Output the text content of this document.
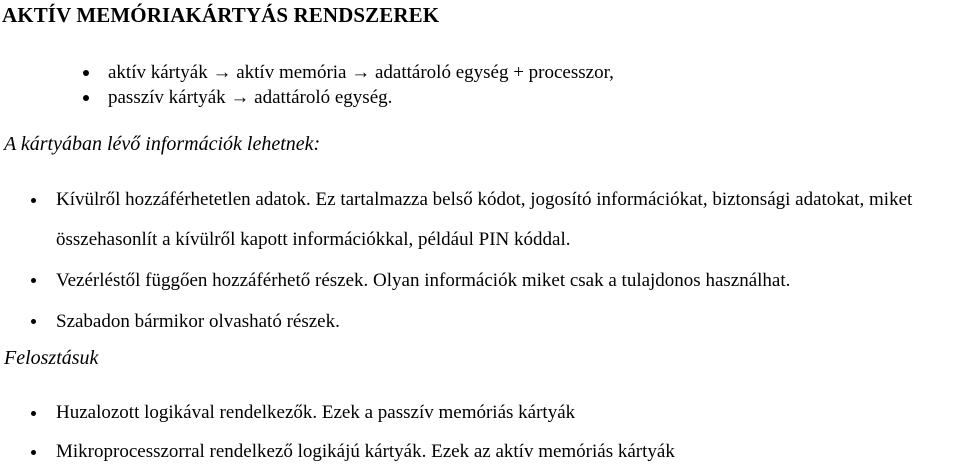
AKTÍV MEMÓRIAKÁRTYÁS RENDSZEREK
aktív kártyák → aktív memória → adattároló egység + processzor,
passzív kártyák → adattároló egység.
A kártyában lévő információk lehetnek:
Kívülről hozzáférhetetlen adatok. Ez tartalmazza belső kódot, jogosító információkat, biztonsági adatokat, miket összehasonlít a kívülről kapott információkkal, például PIN kóddal.
Vezérléstől függően hozzáférhető részek. Olyan információk miket csak a tulajdonos használhat.
Szabadon bármikor olvasható részek.
Felosztásuk
Huzalozott logikával rendelkezők. Ezek a passzív memóriás kártyák
Mikroprocesszorral rendelkező logikájú kártyák. Ezek az aktív memóriás kártyák
